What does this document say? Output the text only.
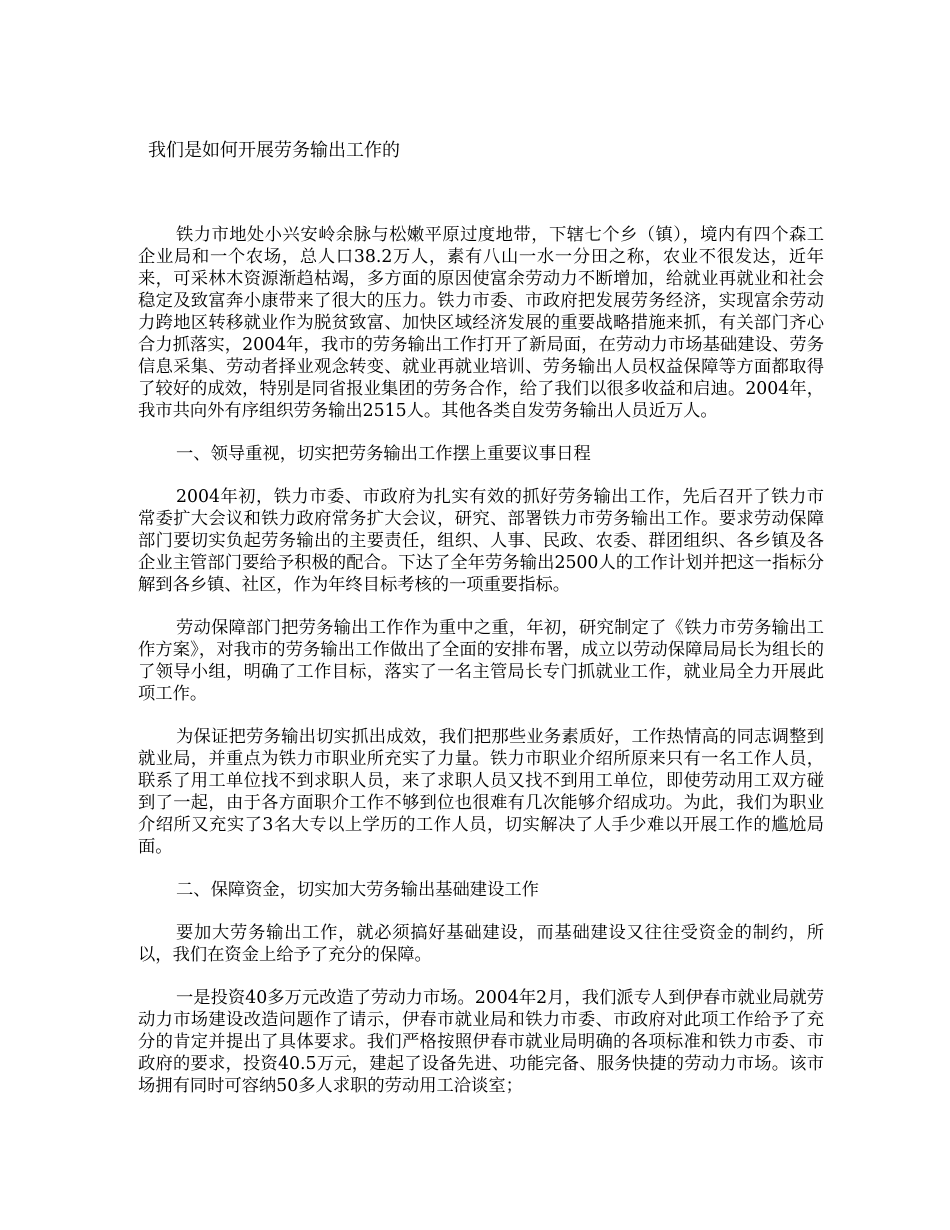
我们是如何开展劳务输出工作的

铁力市地处小兴安岭余脉与松嫩平原过度地带，下辖七个乡（镇），境内有四个森工企业局和一个农场，总人口38.2万人，素有八山一水一分田之称，农业不很发达，近年来，可采林木资源渐趋枯竭，多方面的原因使富余劳动力不断增加，给就业再就业和社会稳定及致富奔小康带来了很大的压力。铁力市委、市政府把发展劳务经济，实现富余劳动力跨地区转移就业作为脱贫致富、加快区域经济发展的重要战略措施来抓，有关部门齐心合力抓落实，2004年，我市的劳务输出工作打开了新局面，在劳动力市场基础建设、劳务信息采集、劳动者择业观念转变、就业再就业培训、劳务输出人员权益保障等方面都取得了较好的成效，特别是同省报业集团的劳务合作，给了我们以很多收益和启迪。2004年，我市共向外有序组织劳务输出2515人。其他各类自发劳务输出人员近万人。

一、领导重视，切实把劳务输出工作摆上重要议事日程

2004年初，铁力市委、市政府为扎实有效的抓好劳务输出工作，先后召开了铁力市常委扩大会议和铁力政府常务扩大会议，研究、部署铁力市劳务输出工作。要求劳动保障部门要切实负起劳务输出的主要责任，组织、人事、民政、农委、群团组织、各乡镇及各企业主管部门要给予积极的配合。下达了全年劳务输出2500人的工作计划并把这一指标分解到各乡镇、社区，作为年终目标考核的一项重要指标。

劳动保障部门把劳务输出工作作为重中之重，年初，研究制定了《铁力市劳务输出工作方案》，对我市的劳务输出工作做出了全面的安排布署，成立以劳动保障局局长为组长的了领导小组，明确了工作目标，落实了一名主管局长专门抓就业工作，就业局全力开展此项工作。

为保证把劳务输出切实抓出成效，我们把那些业务素质好，工作热情高的同志调整到就业局，并重点为铁力市职业所充实了力量。铁力市职业介绍所原来只有一名工作人员，联系了用工单位找不到求职人员，来了求职人员又找不到用工单位，即使劳动用工双方碰到了一起，由于各方面职介工作不够到位也很难有几次能够介绍成功。为此，我们为职业介绍所又充实了3名大专以上学历的工作人员，切实解决了人手少难以开展工作的尴尬局面。

二、保障资金，切实加大劳务输出基础建设工作

要加大劳务输出工作，就必须搞好基础建设，而基础建设又往往受资金的制约，所以，我们在资金上给予了充分的保障。

一是投资40多万元改造了劳动力市场。2004年2月，我们派专人到伊春市就业局就劳动力市场建设改造问题作了请示，伊春市就业局和铁力市委、市政府对此项工作给予了充分的肯定并提出了具体要求。我们严格按照伊春市就业局明确的各项标准和铁力市委、市政府的要求，投资40.5万元，建起了设备先进、功能完备、服务快捷的劳动力市场。该市场拥有同时可容纳50多人求职的劳动用工洽谈室；
